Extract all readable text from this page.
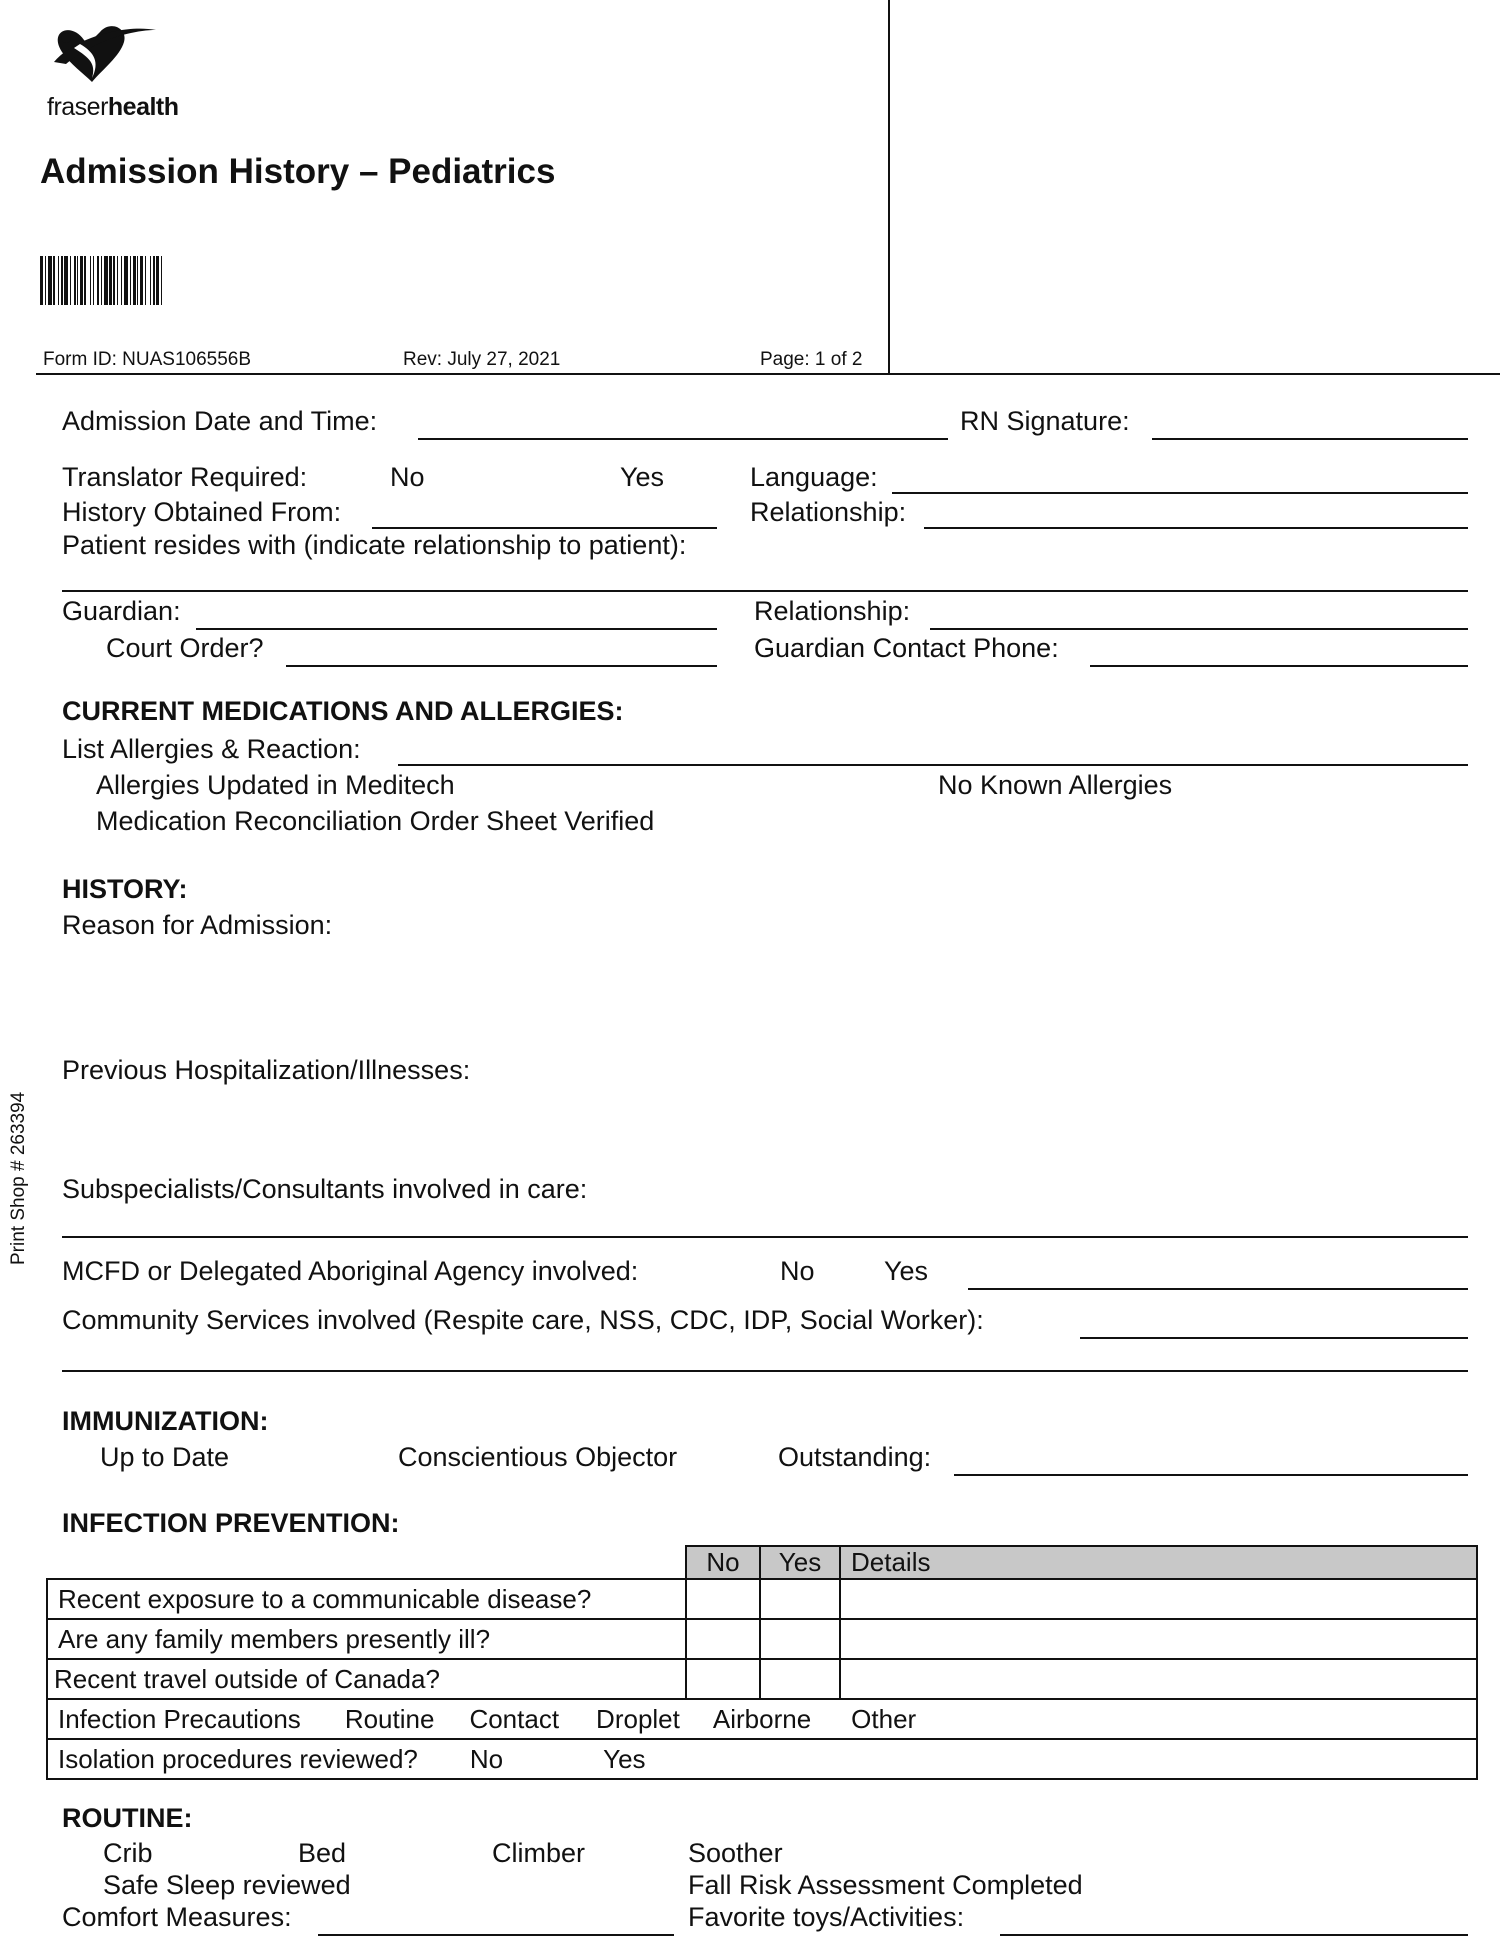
fraserhealth
Admission History – Pediatrics
Form ID: NUAS106556B	Rev: July 27, 2021	Page: 1 of 2
Print Shop # 263394
Admission Date and Time:	RN Signature:
Translator Required:	No	Yes	Language:
History Obtained From:	Relationship:
Patient resides with (indicate relationship to patient):
Guardian:	Relationship:
Court Order?	Guardian Contact Phone:
CURRENT MEDICATIONS AND ALLERGIES:
List Allergies & Reaction:
Allergies Updated in Meditech	No Known Allergies
Medication Reconciliation Order Sheet Verified
HISTORY:
Reason for Admission:
Previous Hospitalization/Illnesses:
Subspecialists/Consultants involved in care:
MCFD or Delegated Aboriginal Agency involved:	No	Yes
Community Services involved (Respite care, NSS, CDC, IDP, Social Worker):
IMMUNIZATION:
Up to Date	Conscientious Objector	Outstanding:
INFECTION PREVENTION:
	No	Yes	Details
Recent exposure to a communicable disease?			
Are any family members presently ill?			
Recent travel outside of Canada?			
Infection Precautions Routine Contact Droplet Airborne Other			
Isolation procedures reviewed? No Yes			
ROUTINE:
Crib	Bed	Climber	Soother
Safe Sleep reviewed	Fall Risk Assessment Completed
Comfort Measures:	Favorite toys/Activities:
